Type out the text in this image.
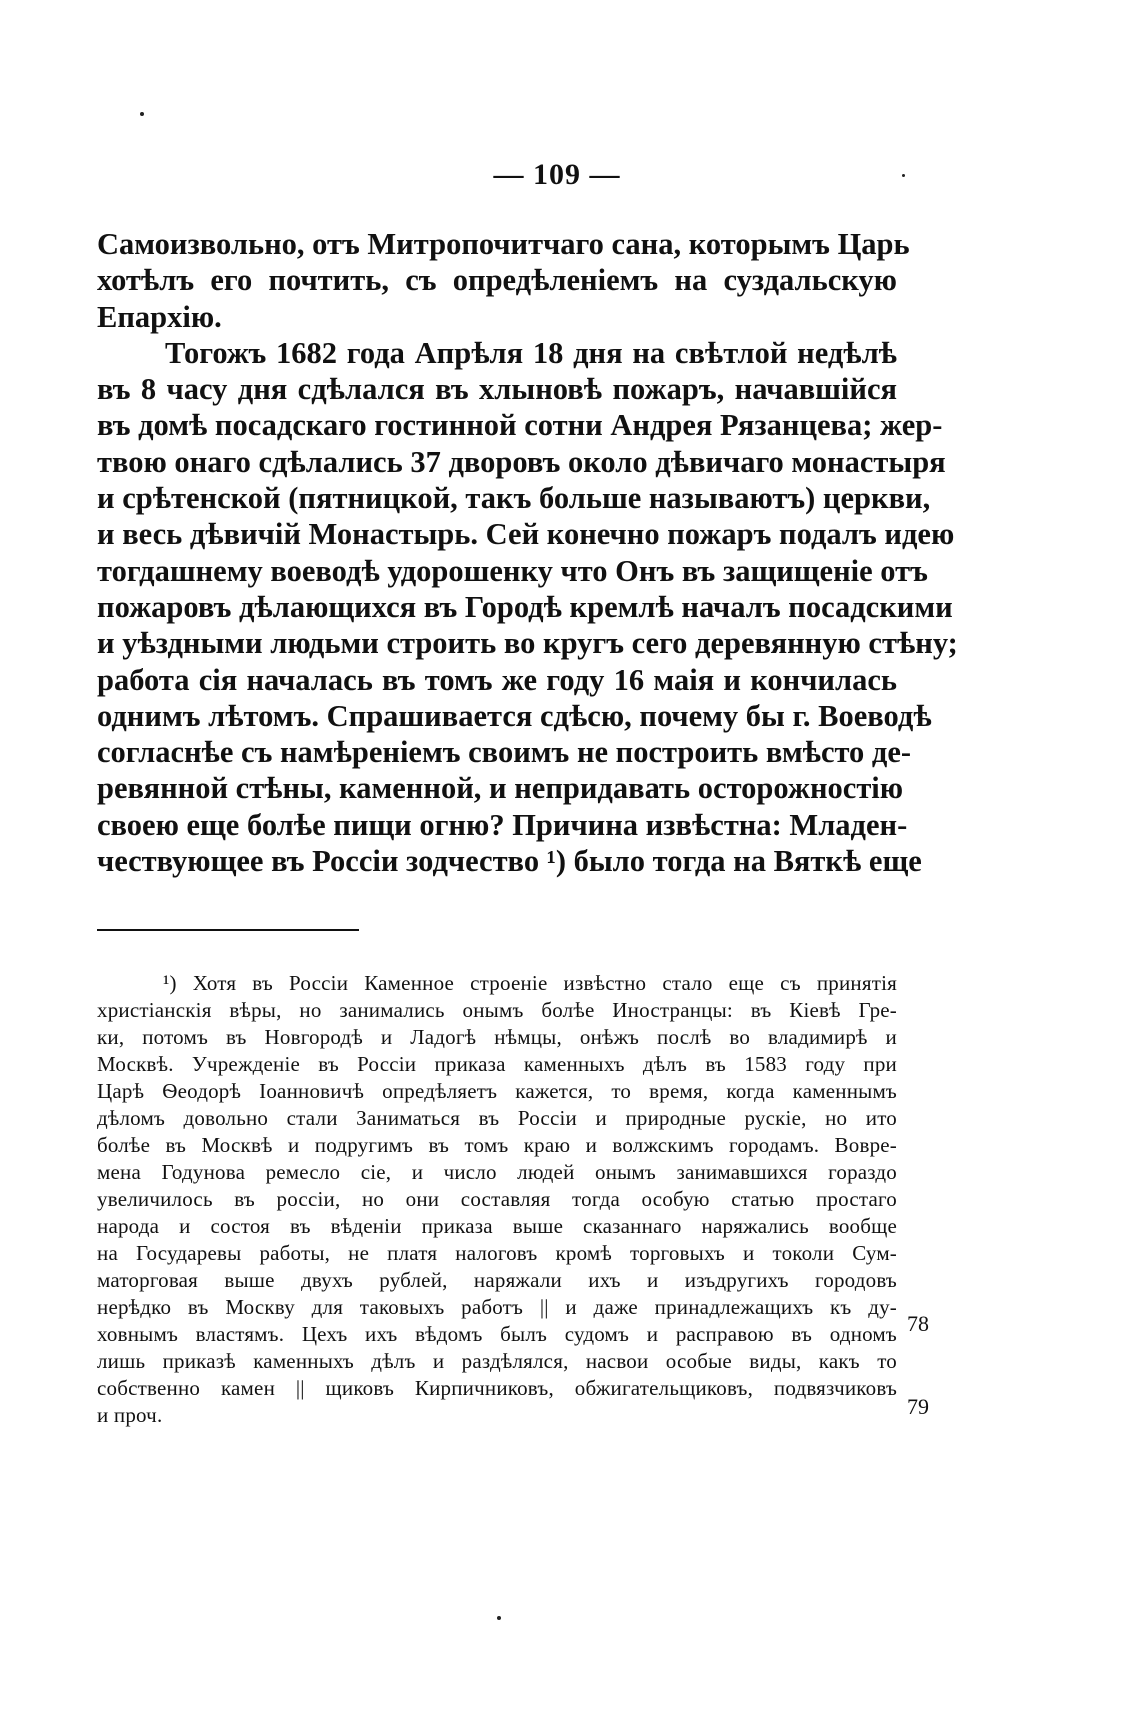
— 109 —
Самоизвольно, отъ Митропочитчаго сана, которымъ Царь
хотѣлъ его почтить, съ опредѣленіемъ на суздальскую
Епархію.
Тогожъ 1682 года Апрѣля 18 дня на свѣтлой недѣлѣ
въ 8 часу дня сдѣлался въ хлыновѣ пожаръ, начавшійся
въ домѣ посадскаго гостинной сотни Андрея Рязанцева; жер-
твою онаго сдѣлались 37 дворовъ около дѣвичаго монастыря
и срѣтенской (пятницкой, такъ больше называютъ) церкви,
и весь дѣвичій Монастырь. Сей конечно пожаръ подалъ идею
тогдашнему воеводѣ удорошенку что Онъ въ защищеніе отъ
пожаровъ дѣлающихся въ Городѣ кремлѣ началъ посадскими
и уѣздными людьми строить во кругъ сего деревянную стѣну;
работа сія началась въ томъ же году 16 маія и кончилась
однимъ лѣтомъ. Спрашивается сдѣсю, почему бы г. Воеводѣ
согласнѣе съ намѣреніемъ своимъ не построить вмѣсто де-
ревянной стѣны, каменной, и непридавать осторожностію
своею еще болѣе пищи огню? Причина извѣстна: Младен-
чествующее въ Россіи зодчество ¹) было тогда на Вяткѣ еще
¹) Хотя въ Россіи Каменное строеніе извѣстно стало еще съ принятія
христіанскія вѣры, но занимались онымъ болѣе Иностранцы: въ Кіевѣ Гре-
ки, потомъ въ Новгородѣ и Ладогѣ нѣмцы, онѣжъ послѣ во владимирѣ и
Москвѣ. Учрежденіе въ Россіи приказа каменныхъ дѣлъ въ 1583 году при
Царѣ Ѳеодорѣ Іоанновичѣ опредѣляетъ кажется, то время, когда каменнымъ
дѣломъ довольно стали Заниматься въ Россіи и природные рускіе, но ито
болѣе въ Москвѣ и подругимъ въ томъ краю и волжскимъ городамъ. Вовре-
мена Годунова ремесло сіе, и число людей онымъ занимавшихся гораздо
увеличилось въ россіи, но они составляя тогда особую статью простаго
народа и состоя въ вѣденіи приказа выше сказаннаго наряжались вообще
на Государевы работы, не платя налоговъ кромѣ торговыхъ и токоли Сум-
маторговая выше двухъ рублей, наряжали ихъ и изъдругихъ городовъ
нерѣдко въ Москву для таковыхъ работъ || и даже принадлежащихъ къ ду-
ховнымъ властямъ. Цехъ ихъ вѣдомъ былъ судомъ и расправою въ одномъ
лишь приказѣ каменныхъ дѣлъ и раздѣлялся, насвои особые виды, какъ то
собственно камен || щиковъ Кирпичниковъ, обжигательщиковъ, подвязчиковъ
и проч.
78
79
